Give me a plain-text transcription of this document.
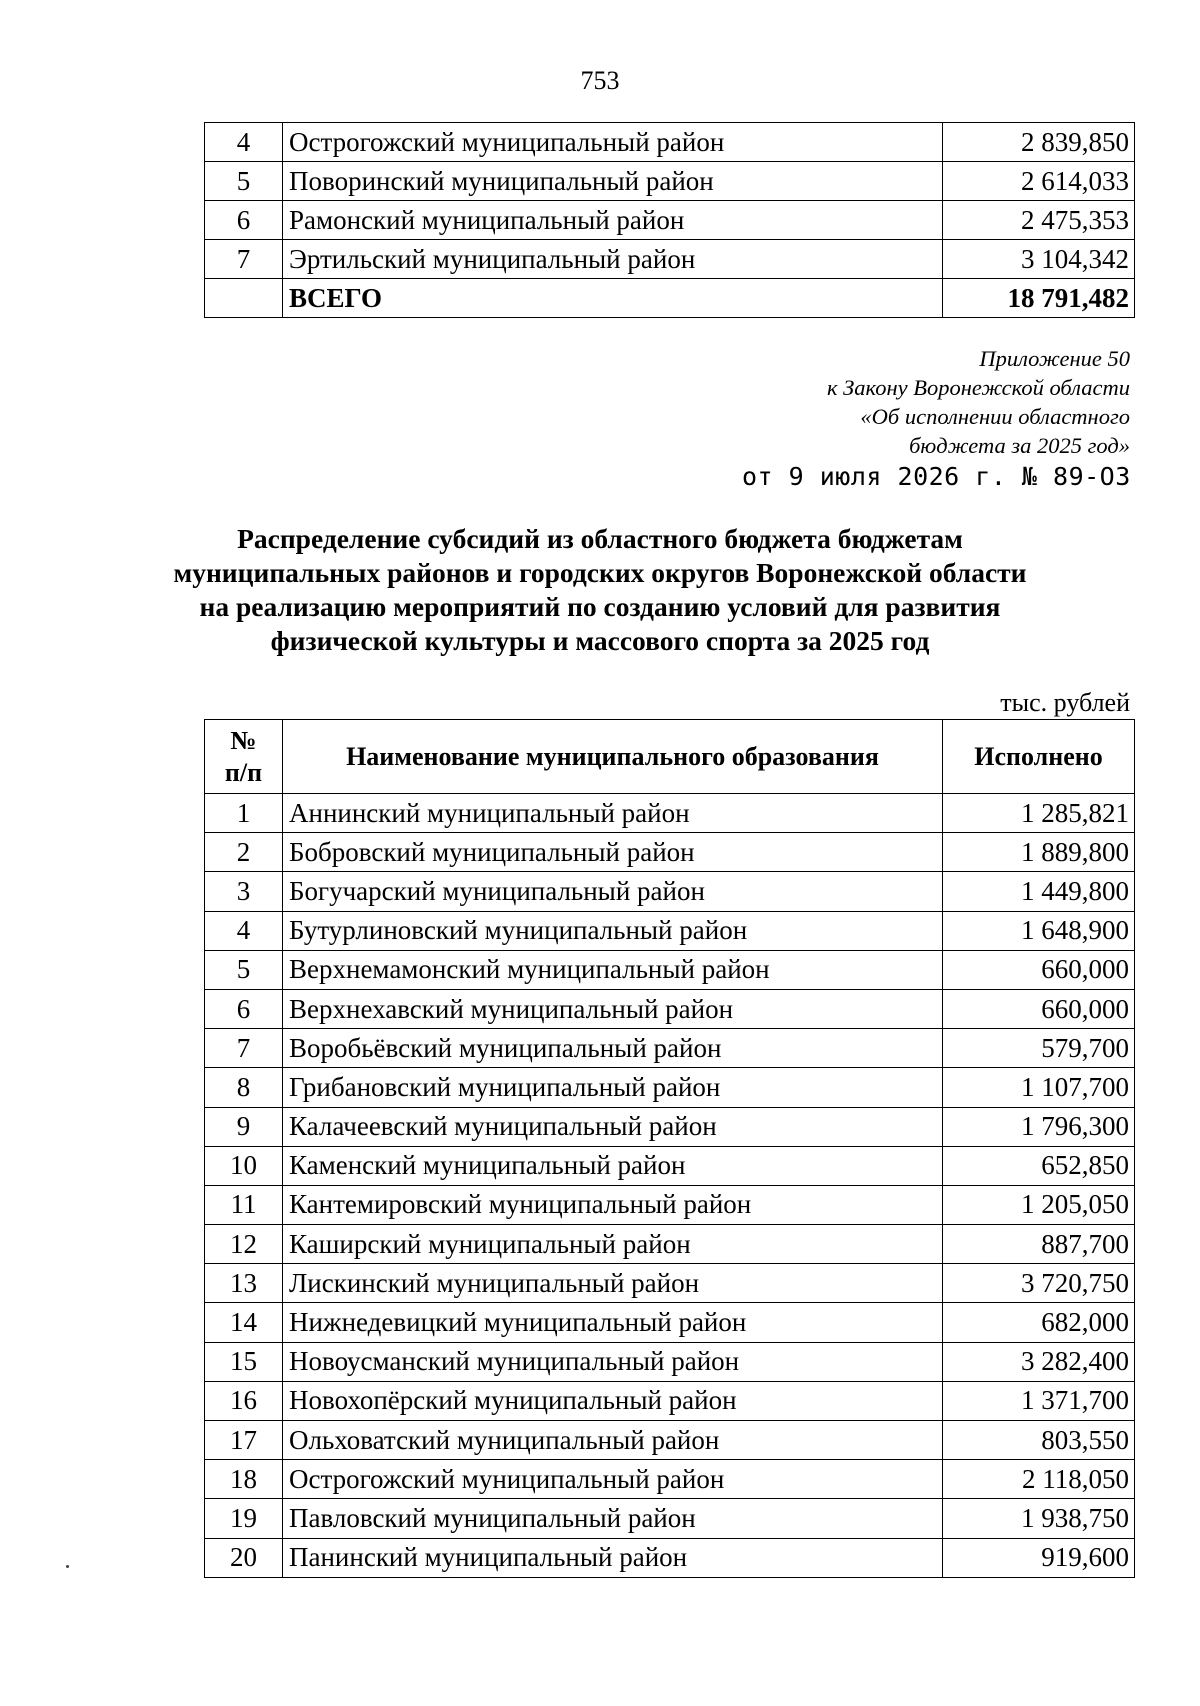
753
4	Острогожский муниципальный район	2 839,850
5	Поворинский муниципальный район	2 614,033
6	Рамонский муниципальный район	2 475,353
7	Эртильский муниципальный район	3 104,342
	ВСЕГО	18 791,482
Приложение 50
к Закону Воронежской области
«Об исполнении областного
бюджета за 2025 год»
от 9 июля 2026 г. № 89-ОЗ
Распределение субсидий из областного бюджета бюджетам
муниципальных районов и городских округов Воронежской области
на реализацию мероприятий по созданию условий для развития
физической культуры и массового спорта за 2025 год
тыс. рублей
№
п/п	Наименование муниципального образования	Исполнено
1	Аннинский муниципальный район	1 285,821
2	Бобровский муниципальный район	1 889,800
3	Богучарский муниципальный район	1 449,800
4	Бутурлиновский муниципальный район	1 648,900
5	Верхнемамонский муниципальный район	660,000
6	Верхнехавский муниципальный район	660,000
7	Воробьёвский муниципальный район	579,700
8	Грибановский муниципальный район	1 107,700
9	Калачеевский муниципальный район	1 796,300
10	Каменский муниципальный район	652,850
11	Кантемировский муниципальный район	1 205,050
12	Каширский муниципальный район	887,700
13	Лискинский муниципальный район	3 720,750
14	Нижнедевицкий муниципальный район	682,000
15	Новоусманский муниципальный район	3 282,400
16	Новохопёрский муниципальный район	1 371,700
17	Ольховатский муниципальный район	803,550
18	Острогожский муниципальный район	2 118,050
19	Павловский муниципальный район	1 938,750
20	Панинский муниципальный район	919,600
